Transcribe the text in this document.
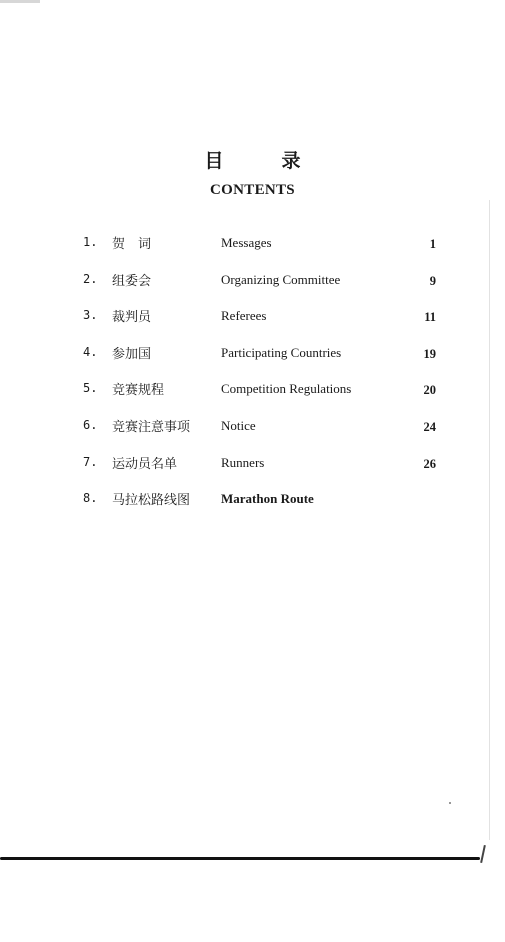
目	录
CONTENTS
1. 贺　词	Messages	1
2. 组委会	Organizing Committee	9
3. 裁判员	Referees	11
4. 参加国	Participating Countries	19
5. 竞赛规程	Competition Regulations	20
6. 竞赛注意事项 Notice	24
7. 运动员名单	Runners	26
8. 马拉松路线图 Marathon Route
